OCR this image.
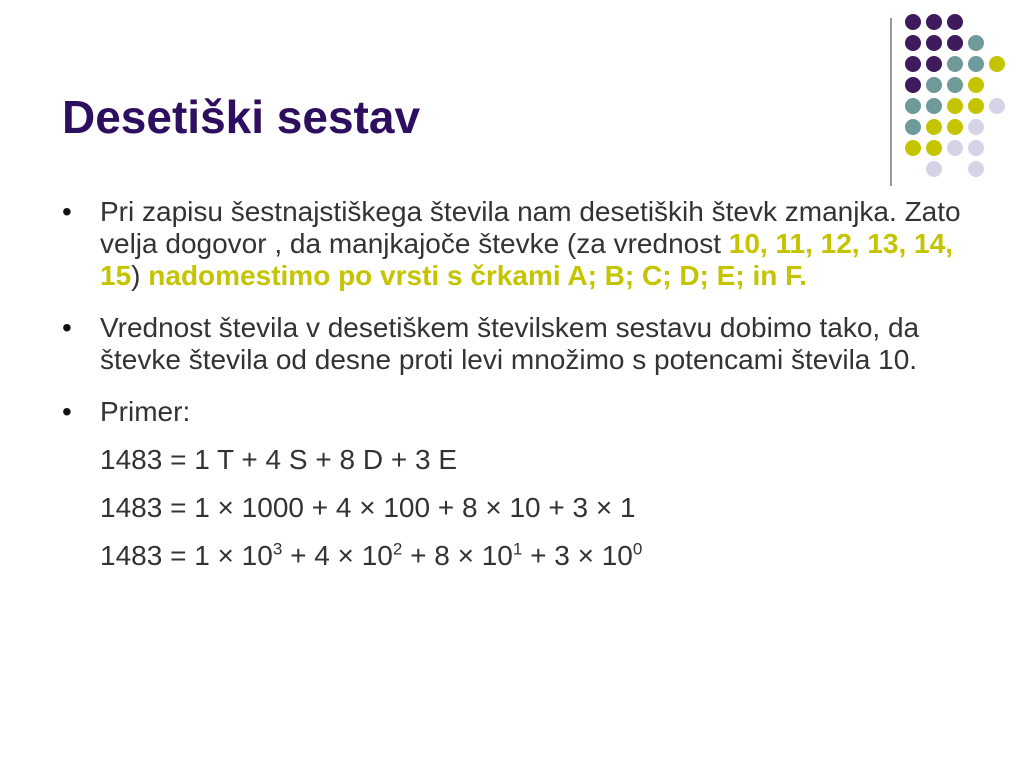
Desetiški sestav
• Pri zapisu šestnajstiškega števila nam desetiških števk zmanjka. Zato velja dogovor , da manjkajoče števke (za vrednost 10, 11, 12, 13, 14, 15) nadomestimo po vrsti s črkami A; B; C; D; E; in F.
• Vrednost števila v desetiškem številskem sestavu dobimo tako, da števke števila od desne proti levi množimo s potencami števila 10.
• Primer:
1483 = 1 T + 4 S + 8 D + 3 E
1483 = 1 × 1000 + 4 × 100 + 8 × 10 + 3 × 1
$1483 = 1 \times 10^3 + 4 \times 10^2 + 8 \times 10^1 + 3 \times 10^0$
